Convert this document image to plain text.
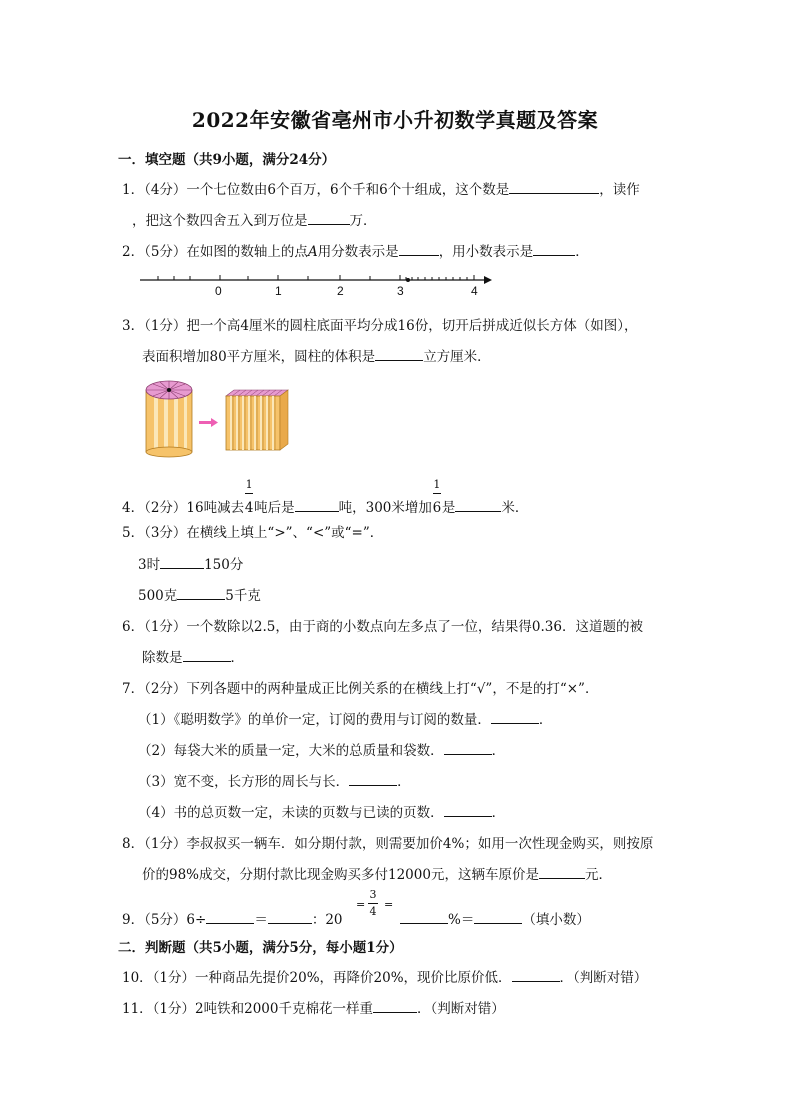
2022年安徽省亳州市小升初数学真题及答案
一．填空题（共9小题，满分24分）
1．（4分）一个七位数由6个百万，6个千和6个十组成，这个数是	，读作
，把这个数四舍五入到万位是	万．
2．（5分）在如图的数轴上的点A用分数表示是	，用小数表示是	．
0	1	2	3	4
3．（1分）把一个高4厘米的圆柱底面平均分成16份，切开后拼成近似长方体（如图），
表面积增加80平方厘米，圆柱的体积是	立方厘米．
4．（2分）16吨减去 $\frac{1}{4}$吨后是	吨，300米增加 $\frac{1}{6}$是	米．
5．（3分）在横线上填上“>”、“<”或“=”．
3时	150分
500克	5千克
6．（1分）一个数除以2.5，由于商的小数点向左多点了一位，结果得0.36．这道题的被
除数是	．
7．（2分）下列各题中的两种量成正比例关系的在横线上打“√”，不是的打“×”．
（1）《聪明数学》的单价一定，订阅的费用与订阅的数量．	．
（2）每袋大米的质量一定，大米的总质量和袋数．	．
（3）宽不变，长方形的周长与长．	．
（4）书的总页数一定，未读的页数与已读的页数．	．
8．（1分）李叔叔买一辆车．如分期付款，则需要加价4%；如用一次性现金购买，则按原
价的98%成交，分期付款比现金购买多付12000元，这辆车原价是	元．
9．（5分）6÷	＝	：20
=
3
4
=
%＝	（填小数）
二．判断题（共5小题，满分5分，每小题1分）
10．（1分）一种商品先提价20%，再降价20%，现价比原价低．	．（判断对错）
11．（1分）2吨铁和2000千克棉花一样重	．（判断对错）
